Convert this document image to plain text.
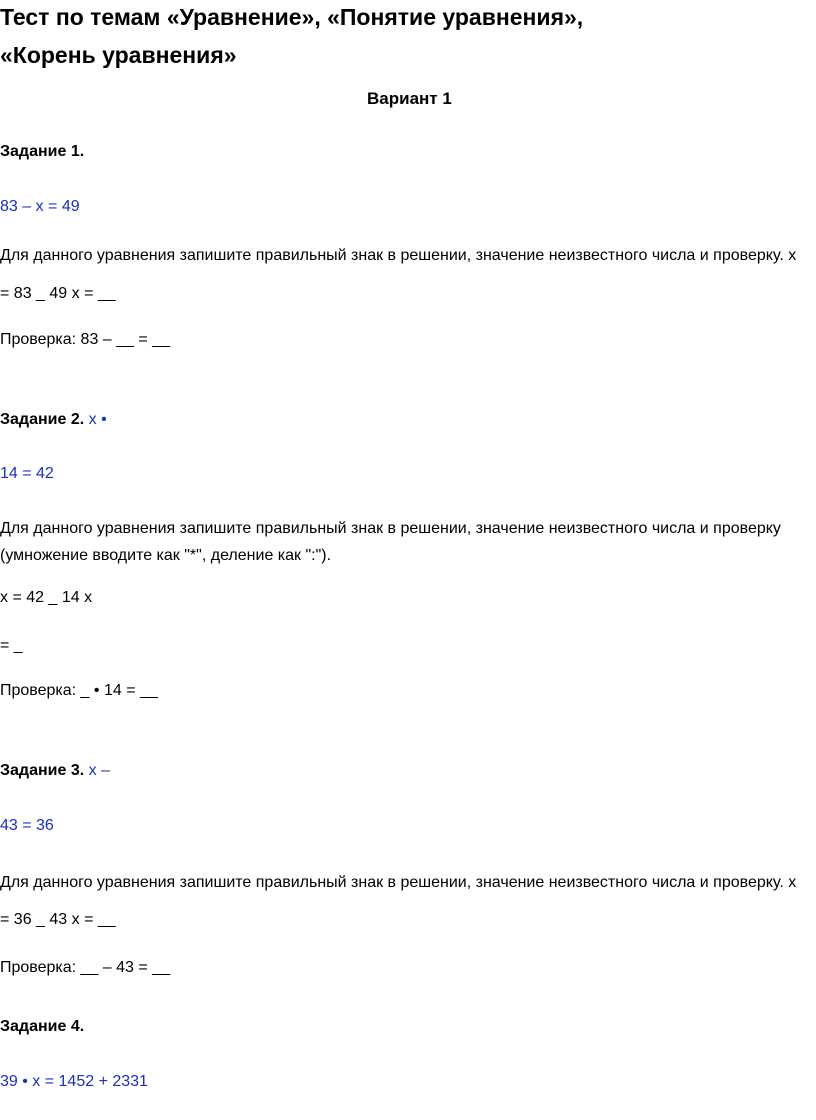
Тест по темам «Уравнение», «Понятие уравнения»,
«Корень уравнения»
Вариант 1
Задание 1.
83 – x = 49
Для данного уравнения запишите правильный знак в решении, значение неизвестного числа и проверку. x
= 83 _ 49 x = __
Проверка: 83 – __ = __
Задание 2. x •
14 = 42
Для данного уравнения запишите правильный знак в решении, значение неизвестного числа и проверку
(умножение вводите как "*", деление как ":").
x = 42 _ 14 x
= _
Проверка: _ • 14 = __
Задание 3. x –
43 = 36
Для данного уравнения запишите правильный знак в решении, значение неизвестного числа и проверку. x
= 36 _ 43 x = __
Проверка: __ – 43 = __
Задание 4.
39 • x = 1452 + 2331
